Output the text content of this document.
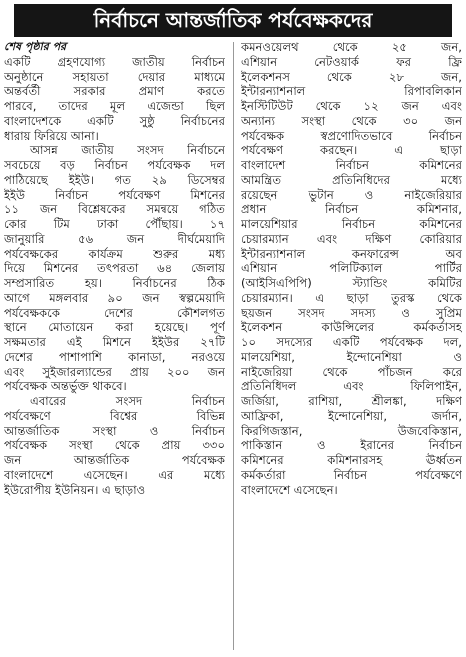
নির্বাচনে আন্তর্জাতিক পর্যবেক্ষকদের
শেষ পৃষ্ঠার পর
একটি গ্রহণযোগ্য জাতীয় নির্বাচন
অনুষ্ঠানে সহায়তা দেয়ার মাধ্যমে
অন্তর্বর্তী সরকার প্রমাণ করতে
পারবে, তাদের মূল এজেন্ডা ছিল
বাংলাদেশকে একটি সুষ্ঠু নির্বাচনের
ধারায় ফিরিয়ে আনা।
আসন্ন জাতীয় সংসদ নির্বাচনে
সবচেয়ে বড় নির্বাচন পর্যবেক্ষক দল
পাঠিয়েছে ইইউ। গত ২৯ ডিসেম্বর
ইইউ নির্বাচন পর্যবেক্ষণ মিশনের
১১ জন বিশ্লেষকের সমন্বয়ে গঠিত
কোর টিম ঢাকা পৌঁছায়। ১৭
জানুয়ারি ৫৬ জন দীর্ঘমেয়াদি
পর্যবেক্ষকের কার্যক্রম শুরুর মধ্য
দিয়ে মিশনের তৎপরতা ৬৪ জেলায়
সম্প্রসারিত হয়। নির্বাচনের ঠিক
আগে মঙ্গলবার ৯০ জন স্বল্পমেয়াদি
পর্যবেক্ষককে দেশের কৌশলগত
স্থানে মোতায়েন করা হয়েছে। পূর্ণ
সক্ষমতার এই মিশনে ইইউর ২৭টি
দেশের পাশাপাশি কানাডা, নরওয়ে
এবং সুইজারল্যান্ডের প্রায় ২০০ জন
পর্যবেক্ষক অন্তর্ভুক্ত থাকবে।
এবারের সংসদ নির্বাচন
পর্যবেক্ষণে বিশ্বের বিভিন্ন
আন্তর্জাতিক সংস্থা ও নির্বাচন
পর্যবেক্ষক সংস্থা থেকে প্রায় ৩৩০
জন আন্তর্জাতিক পর্যবেক্ষক
বাংলাদেশে এসেছেন। এর মধ্যে
ইউরোপীয় ইউনিয়ন। এ ছাড়াও
কমনওয়েলথ থেকে ২৫ জন,
এশিয়ান নেটওয়ার্ক ফর ফ্রি
ইলেকশনস থেকে ২৮ জন,
ইন্টারন্যাশনাল রিপাবলিকান
ইনস্টিটিউট থেকে ১২ জন এবং
অন্যান্য সংস্থা থেকে ৩০ জন
পর্যবেক্ষক স্বপ্রণোদিতভাবে নির্বাচন
পর্যবেক্ষণ করছেন। এ ছাড়া
বাংলাদেশ নির্বাচন কমিশনের
আমন্ত্রিত প্রতিনিধিদের মধ্যে
রয়েছেন ভুটান ও নাইজেরিয়ার
প্রধান নির্বাচন কমিশনার,
মালয়েশিয়ার নির্বাচন কমিশনের
চেয়ারম্যান এবং দক্ষিণ কোরিয়ার
ইন্টারন্যাশনাল কনফারেন্স অব
এশিয়ান পলিটিক্যাল পার্টির
(আইসিএপিপি) স্ট্যান্ডিং কমিটির
চেয়ারম্যান। এ ছাড়া তুরস্ক থেকে
ছয়জন সংসদ সদস্য ও সুপ্রিম
ইলেকশন কাউন্সিলের কর্মকর্তাসহ
১০ সদস্যের একটি পর্যবেক্ষক দল,
মালয়েশিয়া, ইন্দোনেশিয়া ও
নাইজেরিয়া থেকে পাঁচজন করে
প্রতিনিধিদল এবং ফিলিপাইন,
জর্জিয়া, রাশিয়া, শ্রীলঙ্কা, দক্ষিণ
আফ্রিকা, ইন্দোনেশিয়া, জর্দান,
কিরগিজস্তান, উজবেকিস্তান,
পাকিস্তান ও ইরানের নির্বাচন
কমিশনের কমিশনারসহ ঊর্ধ্বতন
কর্মকর্তারা নির্বাচন পর্যবেক্ষণে
বাংলাদেশে এসেছেন।
